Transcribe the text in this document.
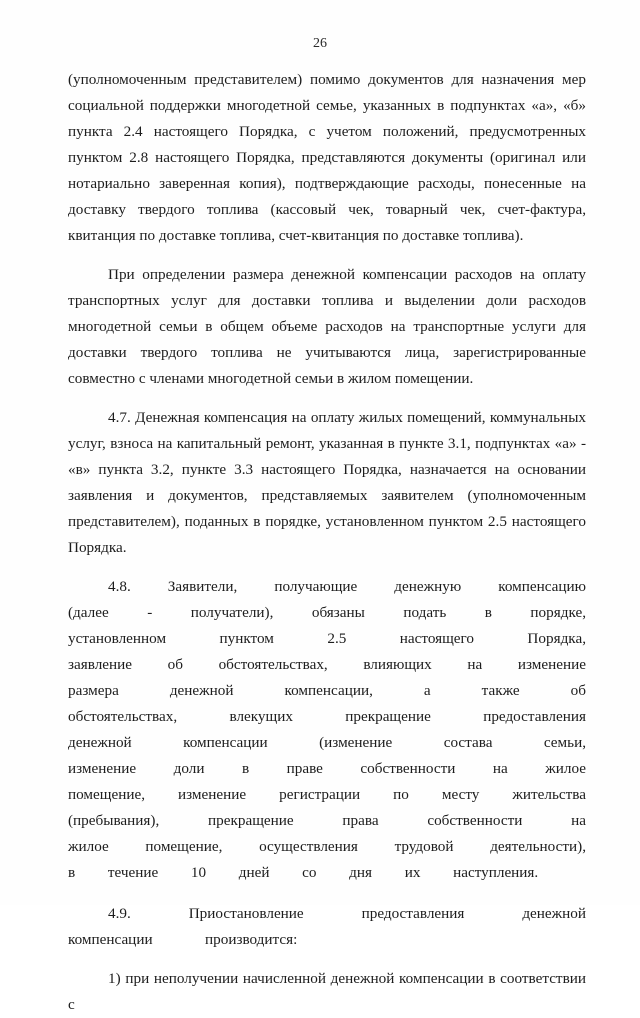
26

(уполномоченным представителем) помимо документов для назначения мер социальной поддержки многодетной семье, указанных в подпунктах «а», «б» пункта 2.4 настоящего Порядка, с учетом положений, предусмотренных пунктом 2.8 настоящего Порядка, представляются документы (оригинал или нотариально заверенная копия), подтверждающие расходы, понесенные на доставку твердого топлива (кассовый чек, товарный чек, счет-фактура, квитанция по доставке топлива, счет-квитанция по доставке топлива).

При определении размера денежной компенсации расходов на оплату транспортных услуг для доставки топлива и выделении доли расходов многодетной семьи в общем объеме расходов на транспортные услуги для доставки твердого топлива не учитываются лица, зарегистрированные совместно с членами многодетной семьи в жилом помещении.

4.7. Денежная компенсация на оплату жилых помещений, коммунальных услуг, взноса на капитальный ремонт, указанная в пункте 3.1, подпунктах «а» - «в» пункта 3.2, пункте 3.3 настоящего Порядка, назначается на основании заявления и документов, представляемых заявителем (уполномоченным представителем), поданных в порядке, установленном пунктом 2.5 настоящего Порядка.

4.8. Заявители, получающие денежную компенсацию (далее - получатели), обязаны подать в порядке, установленном пунктом 2.5 настоящего Порядка, заявление об обстоятельствах, влияющих на изменение размера денежной компенсации, а также об обстоятельствах, влекущих прекращение предоставления денежной компенсации (изменение состава семьи, изменение доли в праве собственности на жилое помещение, изменение регистрации по месту жительства (пребывания), прекращение права собственности на жилое помещение, осуществления трудовой деятельности), в течение 10 дней со дня их наступления.

4.9. Приостановление предоставления денежной компенсации производится:

1) при неполучении начисленной денежной компенсации в соответствии с
